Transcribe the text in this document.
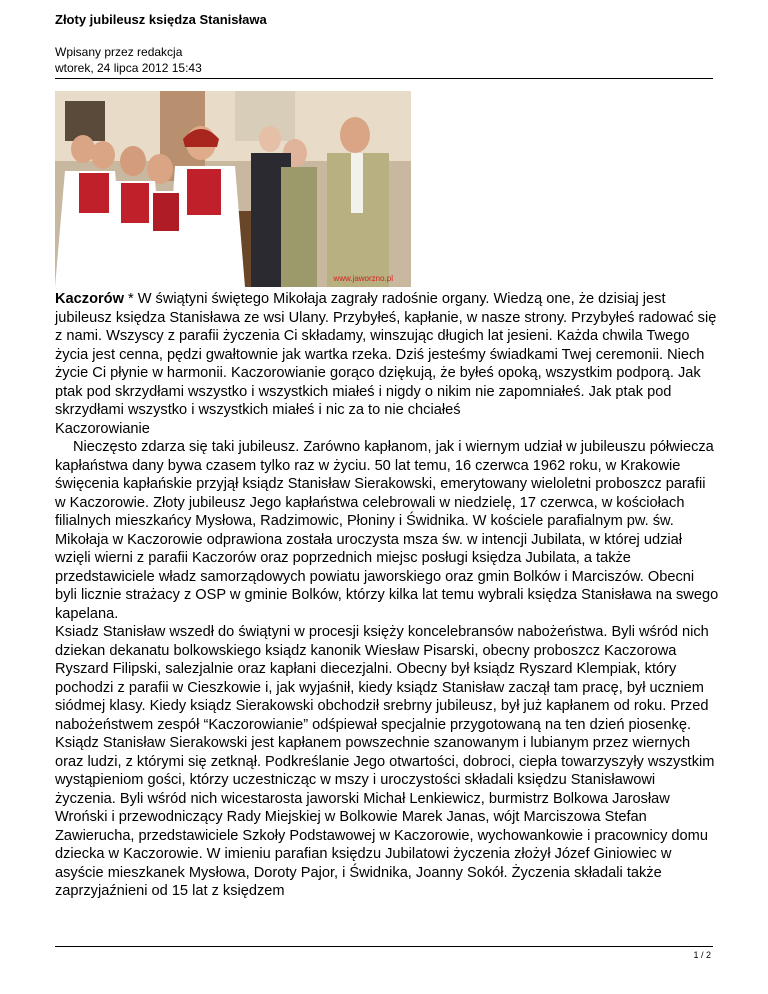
Złoty jubileusz księdza Stanisława
Wpisany przez redakcja
wtorek, 24 lipca 2012 15:43
www.jaworzno.pl

Kaczorów * W świątyni świętego Mikołaja zagrały radośnie organy. Wiedzą one, że dzisiaj jest jubileusz księdza Stanisława ze wsi Ulany. Przybyłeś, kapłanie, w nasze strony. Przybyłeś radować się z nami. Wszyscy z parafii życzenia Ci składamy, winszując długich lat jesieni. Każda chwila Twego życia jest cenna, pędzi gwałtownie jak wartka rzeka. Dziś jesteśmy świadkami Twej ceremonii. Niech życie Ci płynie w harmonii. Kaczorowianie gorąco dziękują, że byłeś opoką, wszystkim podporą. Jak ptak pod skrzydłami wszystko i wszystkich miałeś i nigdy o nikim nie zapomniałeś. Jak ptak pod skrzydłami wszystko i wszystkich miałeś i nic za to nie chciałeś

Kaczorowianie

Nieczęsto zdarza się taki jubileusz. Zarówno kapłanom, jak i wiernym udział w jubileuszu półwiecza kapłaństwa dany bywa czasem tylko raz w życiu. 50 lat temu, 16 czerwca 1962 roku, w Krakowie święcenia kapłańskie przyjął ksiądz Stanisław Sierakowski, emerytowany wieloletni proboszcz parafii w Kaczorowie. Złoty jubileusz Jego kapłaństwa celebrowali w niedzielę, 17 czerwca, w kościołach filialnych mieszkańcy Mysłowa, Radzimowic, Płoniny i Świdnika. W kościele parafialnym pw. św. Mikołaja w Kaczorowie odprawiona została uroczysta msza św. w intencji Jubilata, w której udział wzięli wierni z parafii Kaczorów oraz poprzednich miejsc posługi księdza Jubilata, a także przedstawiciele władz samorządowych powiatu jaworskiego oraz gmin Bolków i Marciszów. Obecni byli licznie strażacy z OSP w gminie Bolków, którzy kilka lat temu wybrali księdza Stanisława na swego kapelana.

Ksiadz Stanisław wszedł do świątyni w procesji księży koncelebransów nabożeństwa. Byli wśród nich dziekan dekanatu bolkowskiego ksiądz kanonik Wiesław Pisarski, obecny proboszcz Kaczorowa Ryszard Filipski, salezjalnie oraz kapłani diecezjalni. Obecny był ksiądz Ryszard Klempiak, który pochodzi z parafii w Cieszkowie i, jak wyjaśnił, kiedy ksiądz Stanisław zaczął tam pracę, był uczniem siódmej klasy. Kiedy ksiądz Sierakowski obchodził srebrny jubileusz, był już kapłanem od roku. Przed nabożeństwem zespół “Kaczorowianie” odśpiewał specjalnie przygotowaną na ten dzień piosenkę.

Ksiądz Stanisław Sierakowski jest kapłanem powszechnie szanowanym i lubianym przez wiernych oraz ludzi, z którymi się zetknął. Podkreślanie Jego otwartości, dobroci, ciepła towarzyszyły wszystkim wystąpieniom gości, którzy uczestnicząc w mszy i uroczystości składali księdzu Stanisławowi życzenia. Byli wśród nich wicestarosta jaworski Michał Lenkiewicz, burmistrz Bolkowa Jarosław Wroński i przewodniczący Rady Miejskiej w Bolkowie Marek Janas, wójt Marciszowa Stefan Zawierucha, przedstawiciele Szkoły Podstawowej w Kaczorowie, wychowankowie i pracownicy domu dziecka w Kaczorowie. W imieniu parafian księdzu Jubilatowi życzenia złożył Józef Giniowiec w asyście mieszkanek Mysłowa, Doroty Pajor, i Świdnika, Joanny Sokół. Życzenia składali także zaprzyjaźnieni od 15 lat z księdzem

1 / 2
